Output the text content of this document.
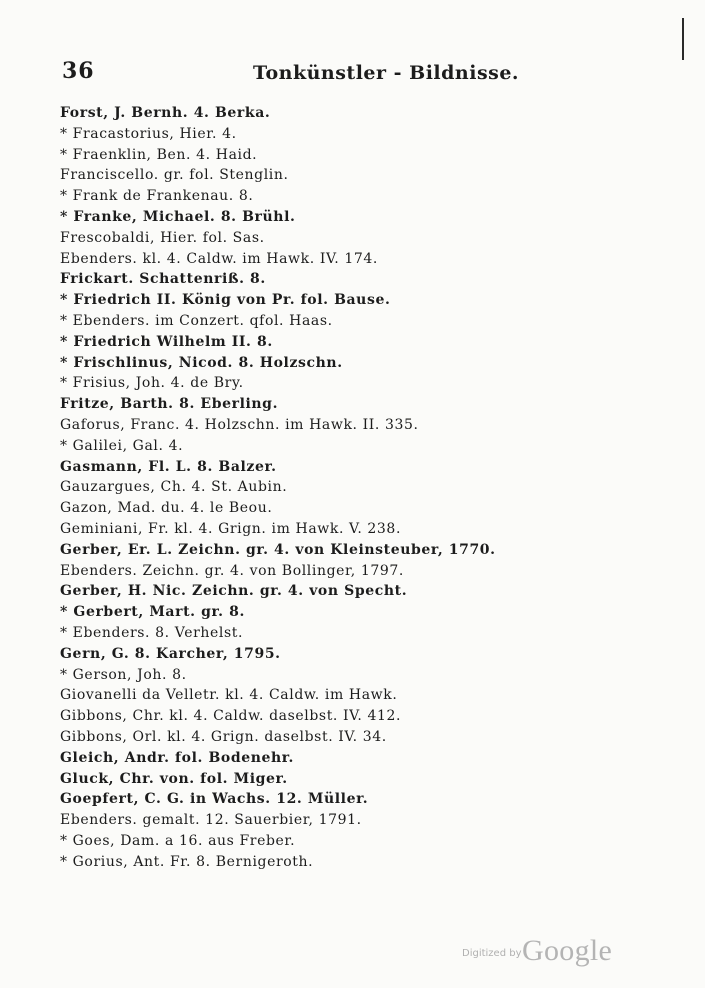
36	Tonkünstler - Bildnisse.
Forst, J. Bernh. 4. Berka.
* Fracastorius, Hier. 4.
* Fraenklin, Ben. 4. Haid.
Franciscello. gr. fol. Stenglin.
* Frank de Frankenau. 8.
* Franke, Michael. 8. Brühl.
Frescobaldi, Hier. fol. Sas.
Ebenders. kl. 4. Caldw. im Hawk. IV. 174.
Frickart. Schattenriß. 8.
* Friedrich II. König von Pr. fol. Bause.
* Ebenders. im Conzert. qfol. Haas.
* Friedrich Wilhelm II. 8.
* Frischlinus, Nicod. 8. Holzschn.
* Frisius, Joh. 4. de Bry.
Fritze, Barth. 8. Eberling.
Gaforus, Franc. 4. Holzschn. im Hawk. II. 335.
* Galilei, Gal. 4.
Gasmann, Fl. L. 8. Balzer.
Gauzargues, Ch. 4. St. Aubin.
Gazon, Mad. du. 4. le Beou.
Geminiani, Fr. kl. 4. Grign. im Hawk. V. 238.
Gerber, Er. L. Zeichn. gr. 4. von Kleinsteuber, 1770.
Ebenders. Zeichn. gr. 4. von Bollinger, 1797.
Gerber, H. Nic. Zeichn. gr. 4. von Specht.
* Gerbert, Mart. gr. 8.
* Ebenders. 8. Verhelst.
Gern, G. 8. Karcher, 1795.
* Gerson, Joh. 8.
Giovanelli da Velletr. kl. 4. Caldw. im Hawk.
Gibbons, Chr. kl. 4. Caldw. daselbst. IV. 412.
Gibbons, Orl. kl. 4. Grign. daselbst. IV. 34.
Gleich, Andr. fol. Bodenehr.
Gluck, Chr. von. fol. Miger.
Goepfert, C. G. in Wachs. 12. Müller.
Ebenders. gemalt. 12. Sauerbier, 1791.
* Goes, Dam. a 16. aus Freber.
* Gorius, Ant. Fr. 8. Bernigeroth.
Digitized by Google
